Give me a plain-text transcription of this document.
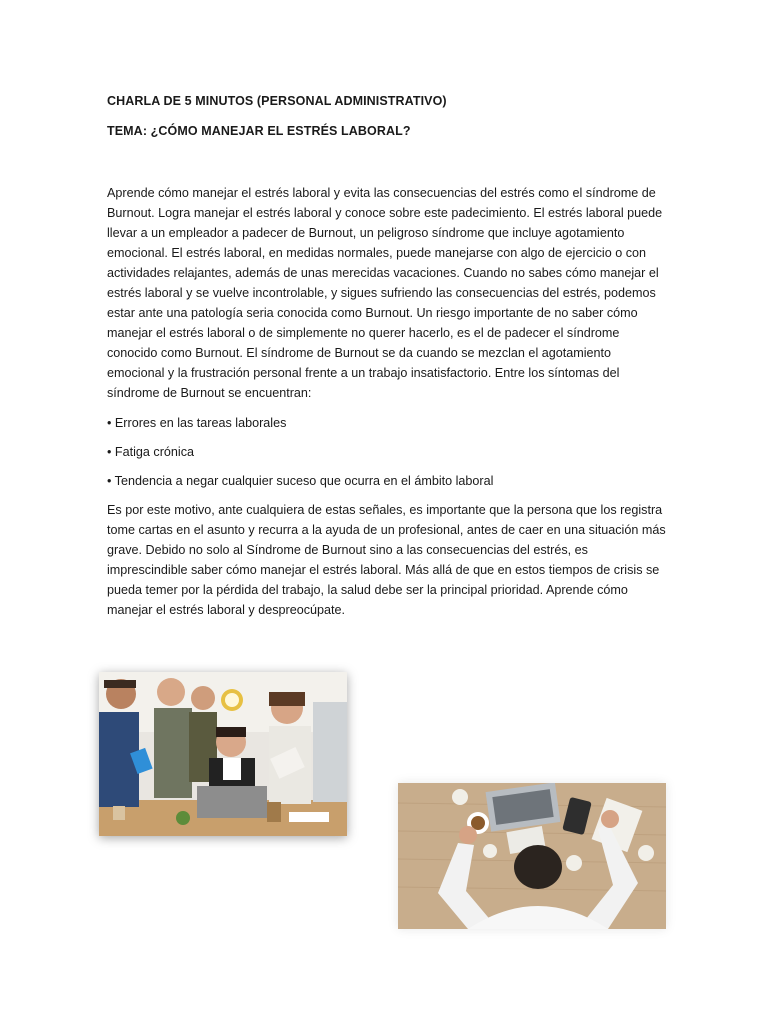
CHARLA DE 5 MINUTOS (PERSONAL ADMINISTRATIVO)
TEMA: ¿CÓMO MANEJAR EL ESTRÉS LABORAL?
Aprende cómo manejar el estrés laboral y evita las consecuencias del estrés como el síndrome de
Burnout. Logra manejar el estrés laboral y conoce sobre este padecimiento. El estrés laboral puede
llevar a un empleador a padecer de Burnout, un peligroso síndrome que incluye agotamiento
emocional. El estrés laboral, en medidas normales, puede manejarse con algo de ejercicio o con
actividades relajantes, además de unas merecidas vacaciones. Cuando no sabes cómo manejar el
estrés laboral y se vuelve incontrolable, y sigues sufriendo las consecuencias del estrés, podemos
estar ante una patología seria conocida como Burnout. Un riesgo importante de no saber cómo
manejar el estrés laboral o de simplemente no querer hacerlo, es el de padecer el síndrome
conocido como Burnout. El síndrome de Burnout se da cuando se mezclan el agotamiento
emocional y la frustración personal frente a un trabajo insatisfactorio. Entre los síntomas del
síndrome de Burnout se encuentran:
• Errores en las tareas laborales
• Fatiga crónica
• Tendencia a negar cualquier suceso que ocurra en el ámbito laboral
Es por este motivo, ante cualquiera de estas señales, es importante que la persona que los registra
tome cartas en el asunto y recurra a la ayuda de un profesional, antes de caer en una situación más
grave. Debido no solo al Síndrome de Burnout sino a las consecuencias del estrés, es
imprescindible saber cómo manejar el estrés laboral. Más allá de que en estos tiempos de crisis se
pueda temer por la pérdida del trabajo, la salud debe ser la principal prioridad. Aprende cómo
manejar el estrés laboral y despreocúpate.
